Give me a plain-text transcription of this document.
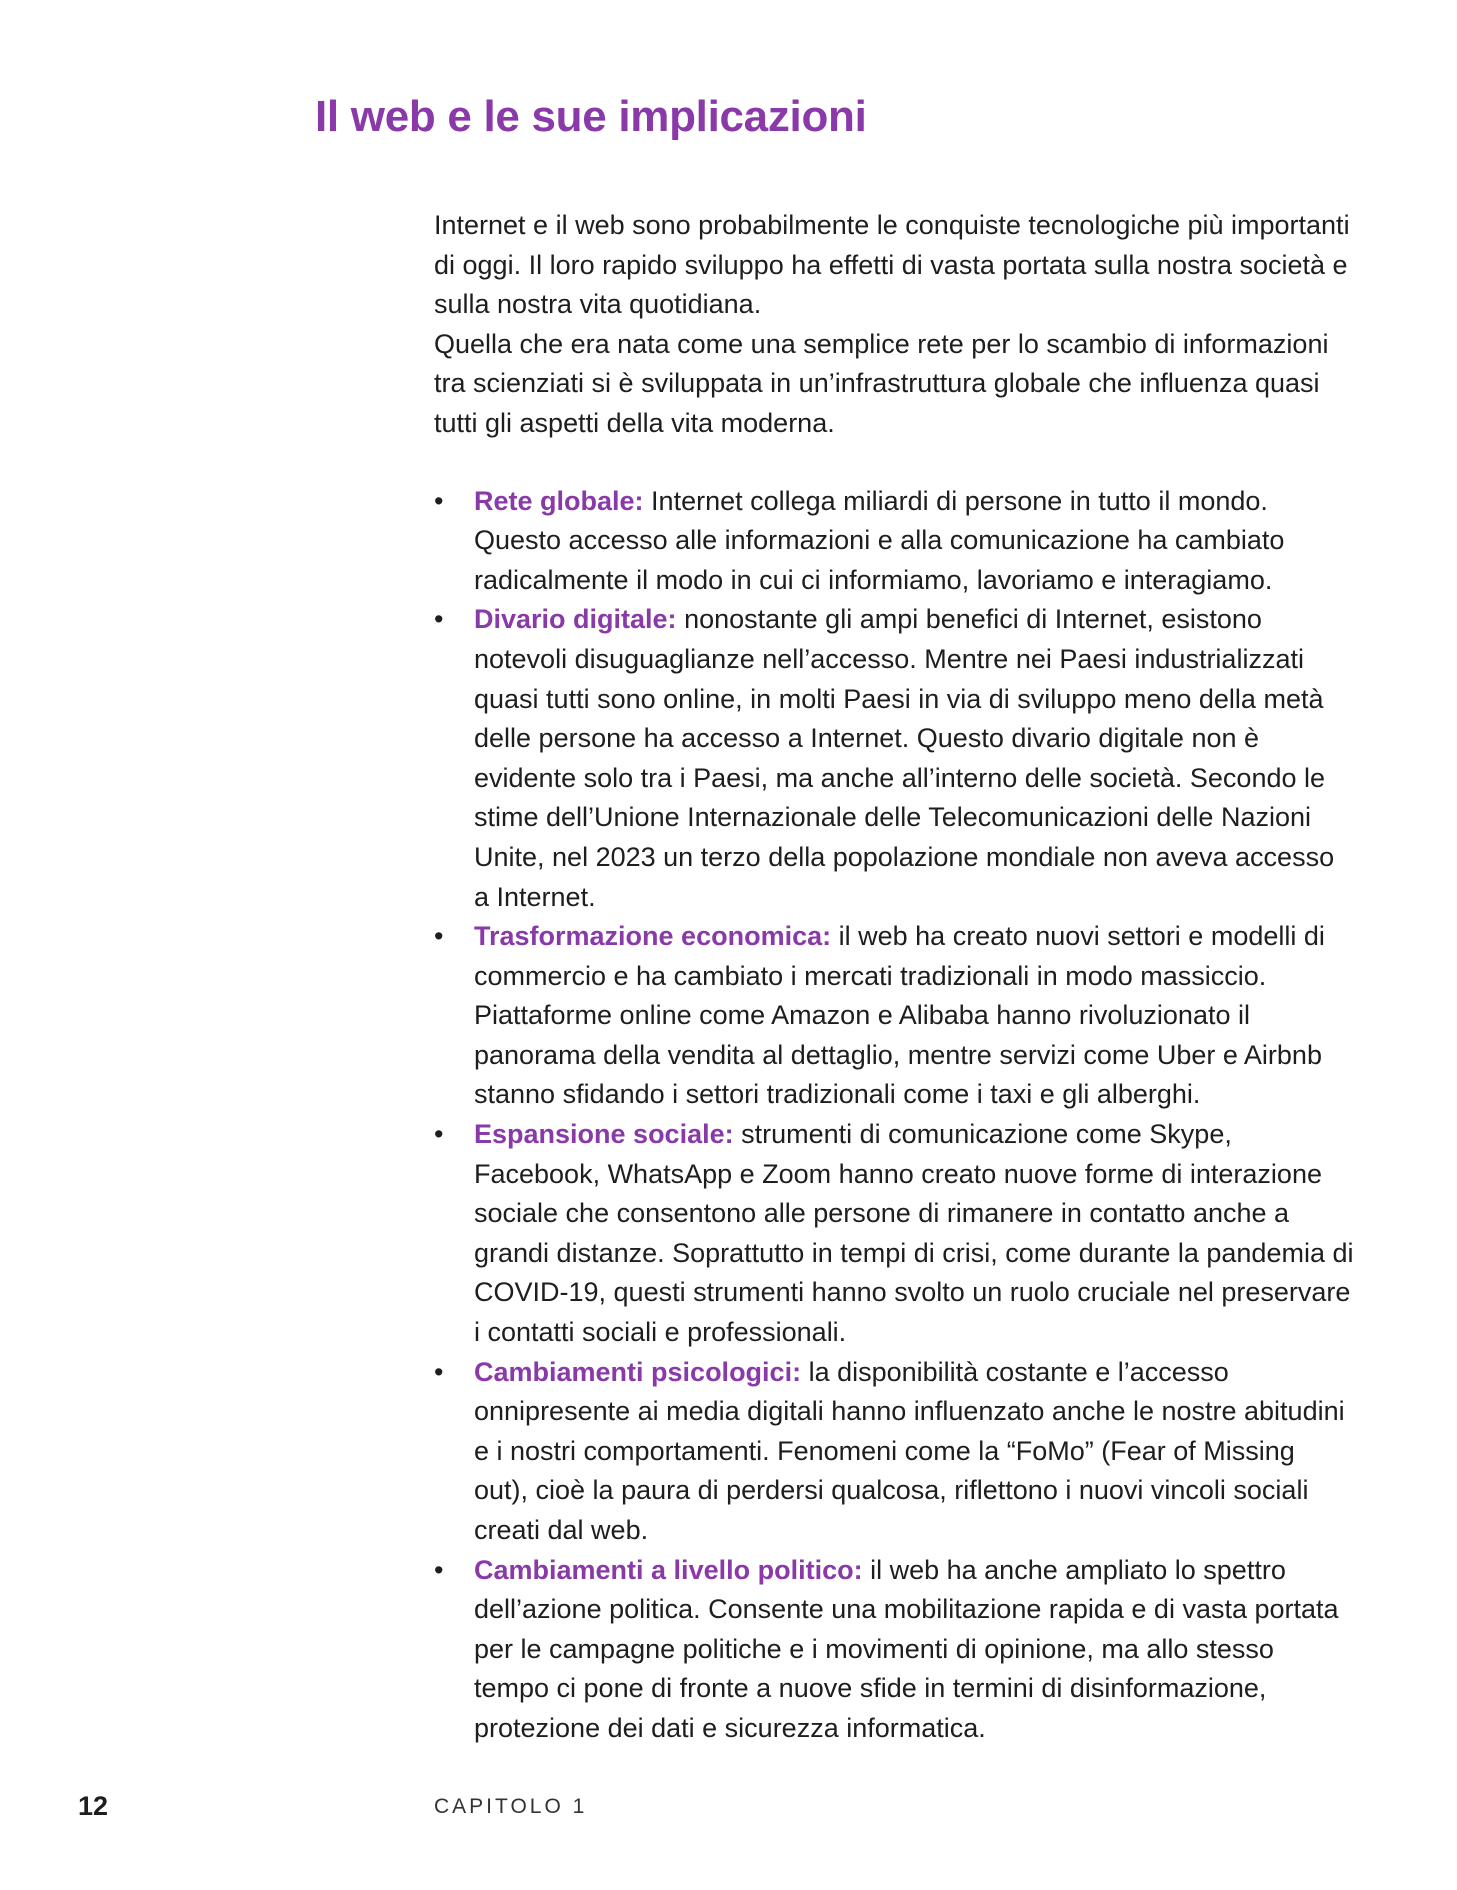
Il web e le sue implicazioni

Internet e il web sono probabilmente le conquiste tecnologiche più importanti di oggi. Il loro rapido sviluppo ha effetti di vasta portata sulla nostra società e sulla nostra vita quotidiana.

Quella che era nata come una semplice rete per lo scambio di informazioni tra scienziati si è sviluppata in un’infrastruttura globale che influenza quasi tutti gli aspetti della vita moderna.

•	Rete globale: Internet collega miliardi di persone in tutto il mondo. Questo accesso alle informazioni e alla comunicazione ha cambiato radicalmente il modo in cui ci informiamo, lavoriamo e interagiamo.
•	Divario digitale: nonostante gli ampi benefici di Internet, esistono notevoli disuguaglianze nell’accesso. Mentre nei Paesi industrializzati quasi tutti sono online, in molti Paesi in via di sviluppo meno della metà delle persone ha accesso a Internet. Questo divario digitale non è evidente solo tra i Paesi, ma anche all’interno delle società. Secondo le stime dell’Unione Internazionale delle Telecomunicazioni delle Nazioni Unite, nel 2023 un terzo della popolazione mondiale non aveva accesso a Internet.
•	Trasformazione economica: il web ha creato nuovi settori e modelli di commercio e ha cambiato i mercati tradizionali in modo massiccio. Piattaforme online come Amazon e Alibaba hanno rivoluzionato il panorama della vendita al dettaglio, mentre servizi come Uber e Airbnb stanno sfidando i settori tradizionali come i taxi e gli alberghi.
•	Espansione sociale: strumenti di comunicazione come Skype, Facebook, WhatsApp e Zoom hanno creato nuove forme di interazione sociale che consentono alle persone di rimanere in contatto anche a grandi distanze. Soprattutto in tempi di crisi, come durante la pandemia di COVID-19, questi strumenti hanno svolto un ruolo cruciale nel preservare i contatti sociali e professionali.
•	Cambiamenti psicologici: la disponibilità costante e l’accesso onnipresente ai media digitali hanno influenzato anche le nostre abitudini e i nostri comportamenti. Fenomeni come la “FoMo” (Fear of Missing out), cioè la paura di perdersi qualcosa, riflettono i nuovi vincoli sociali creati dal web.
•	Cambiamenti a livello politico: il web ha anche ampliato lo spettro dell’azione politica. Consente una mobilitazione rapida e di vasta portata per le campagne politiche e i movimenti di opinione, ma allo stesso tempo ci pone di fronte a nuove sfide in termini di disinformazione, protezione dei dati e sicurezza informatica.
12	CAPITOLO 1
